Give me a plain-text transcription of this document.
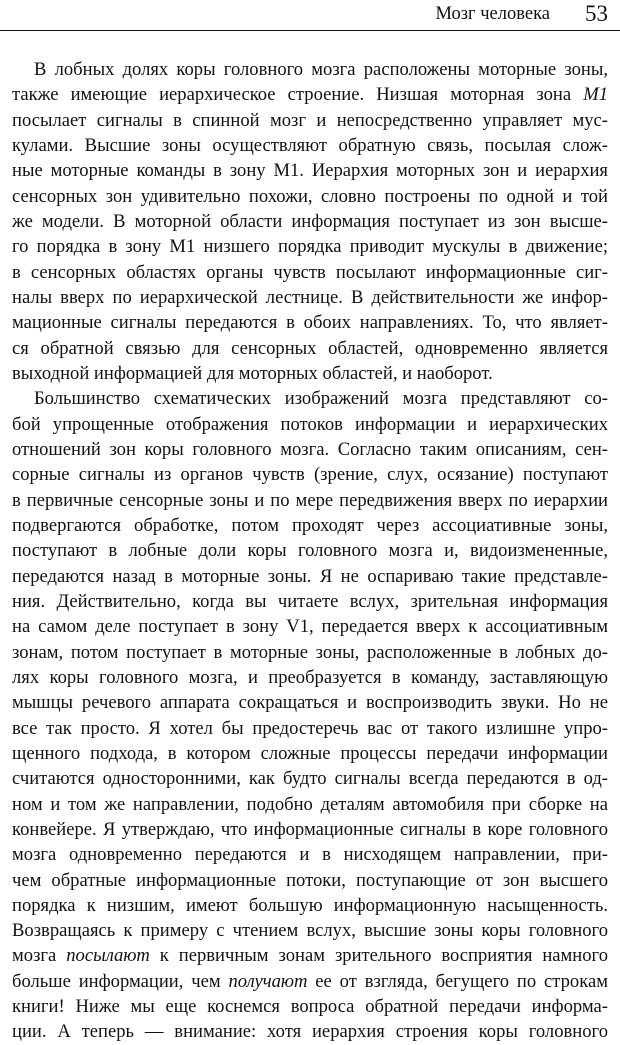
Мозг человека 53
В лобных долях коры головного мозга расположены моторные зоны,
также имеющие иерархическое строение. Низшая моторная зона М1
посылает сигналы в спинной мозг и непосредственно управляет мус-
кулами. Высшие зоны осуществляют обратную связь, посылая слож-
ные моторные команды в зону М1. Иерархия моторных зон и иерархия
сенсорных зон удивительно похожи, словно построены по одной и той
же модели. В моторной области информация поступает из зон высше-
го порядка в зону М1 низшего порядка приводит мускулы в движение;
в сенсорных областях органы чувств посылают информационные сиг-
налы вверх по иерархической лестнице. В действительности же инфор-
мационные сигналы передаются в обоих направлениях. То, что являет-
ся обратной связью для сенсорных областей, одновременно является
выходной информацией для моторных областей, и наоборот.
Большинство схематических изображений мозга представляют со-
бой упрощенные отображения потоков информации и иерархических
отношений зон коры головного мозга. Согласно таким описаниям, сен-
сорные сигналы из органов чувств (зрение, слух, осязание) поступают
в первичные сенсорные зоны и по мере передвижения вверх по иерархии
подвергаются обработке, потом проходят через ассоциативные зоны,
поступают в лобные доли коры головного мозга и, видоизмененные,
передаются назад в моторные зоны. Я не оспариваю такие представле-
ния. Действительно, когда вы читаете вслух, зрительная информация
на самом деле поступает в зону V1, передается вверх к ассоциативным
зонам, потом поступает в моторные зоны, расположенные в лобных до-
лях коры головного мозга, и преобразуется в команду, заставляющую
мышцы речевого аппарата сокращаться и воспроизводить звуки. Но не
все так просто. Я хотел бы предостеречь вас от такого излишне упро-
щенного подхода, в котором сложные процессы передачи информации
считаются односторонними, как будто сигналы всегда передаются в од-
ном и том же направлении, подобно деталям автомобиля при сборке на
конвейере. Я утверждаю, что информационные сигналы в коре головного
мозга одновременно передаются и в нисходящем направлении, при-
чем обратные информационные потоки, поступающие от зон высшего
порядка к низшим, имеют большую информационную насыщенность.
Возвращаясь к примеру с чтением вслух, высшие зоны коры головного
мозга посылают к первичным зонам зрительного восприятия намного
больше информации, чем получают ее от взгляда, бегущего по строкам
книги! Ниже мы еще коснемся вопроса обратной передачи информа-
ции. А теперь — внимание: хотя иерархия строения коры головного
